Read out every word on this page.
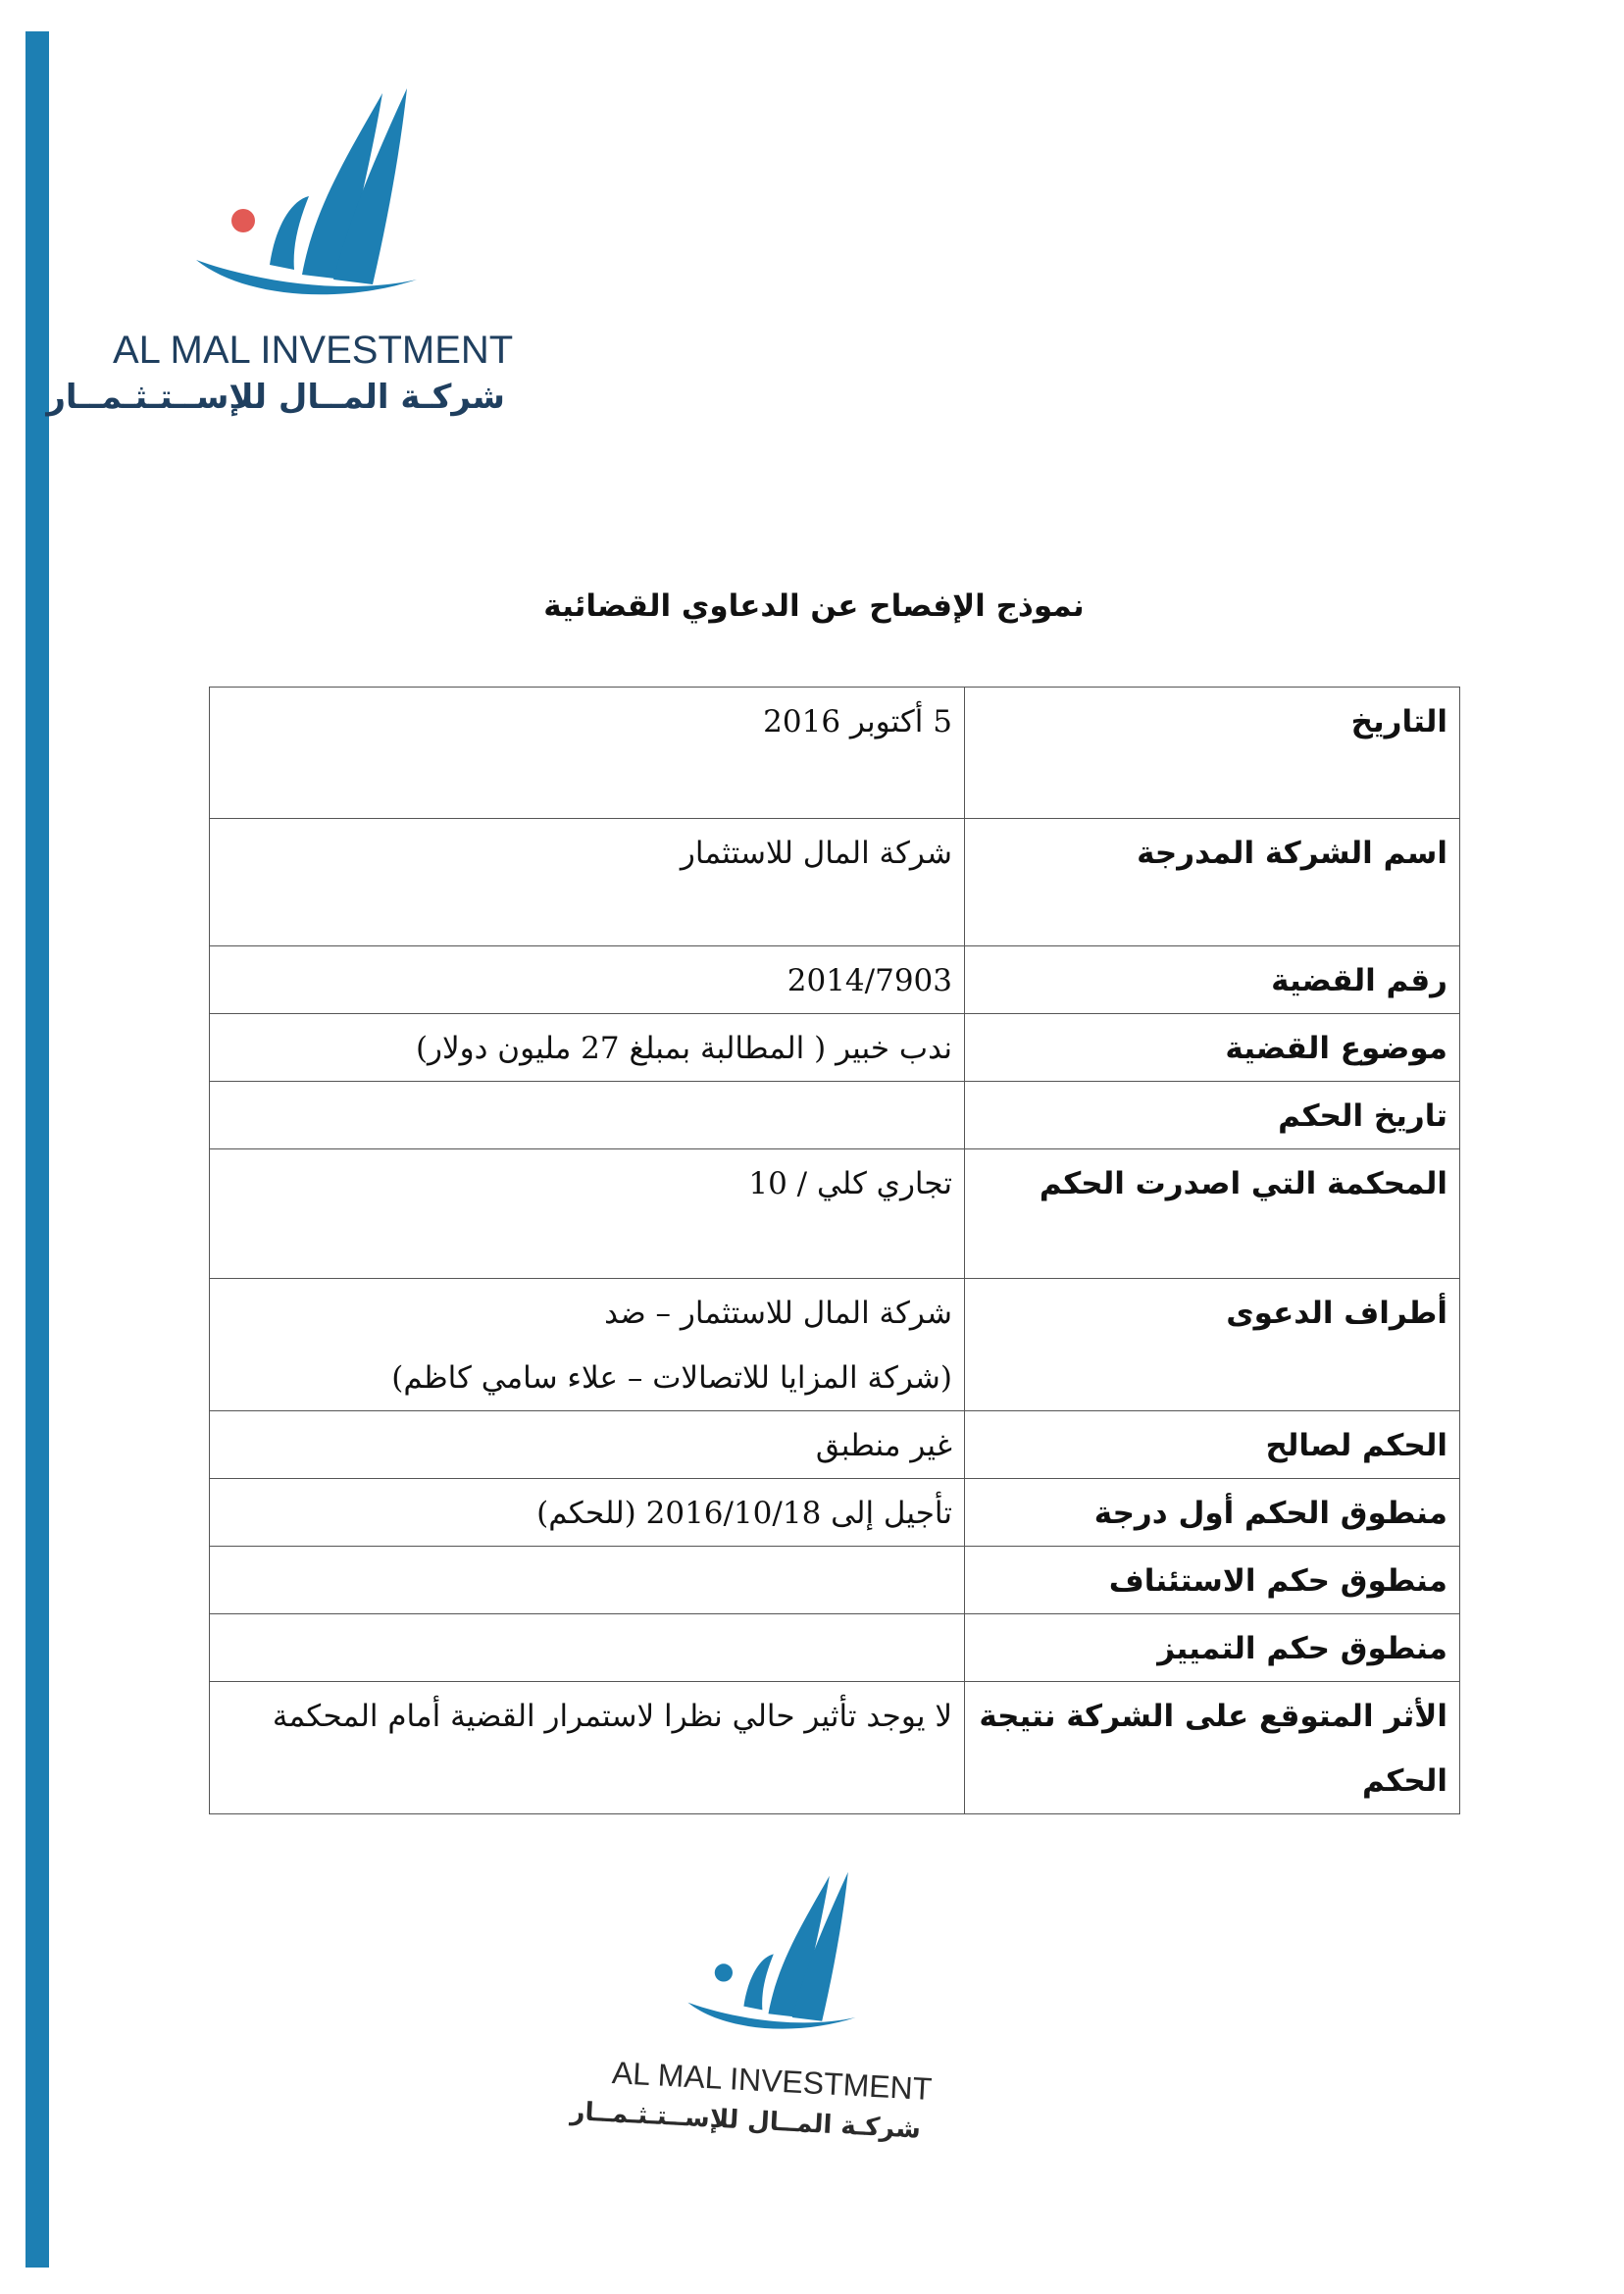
AL MAL INVESTMENT
شركـة المــال للإســتـثـمــار
نموذج الإفصاح عن الدعاوي القضائية
التاريخ	5 أكتوبر 2016

اسم الشركة المدرجة	شركة المال للاستثمار

رقم القضية	2014/7903

موضوع القضية	ندب خبير ( المطالبة بمبلغ 27 مليون دولار)

تاريخ الحكم	

المحكمة التي اصدرت الحكم	تجاري كلي / 10

أطراف الدعوى	شركة المال للاستثمار – ضد
(شركة المزايا للاتصالات – علاء سامي كاظم)

الحكم لصالح	غير منطبق

منطوق الحكم أول درجة	تأجيل إلى 2016/10/18 (للحكم)

منطوق حكم الاستئناف	

منطوق حكم التمييز	

الأثر المتوقع على الشركة نتيجة الحكم	لا يوجد تأثير حالي نظرا لاستمرار القضية أمام المحكمة
AL MAL INVESTMENT
شركـة المــال للإســتـثـمــار
